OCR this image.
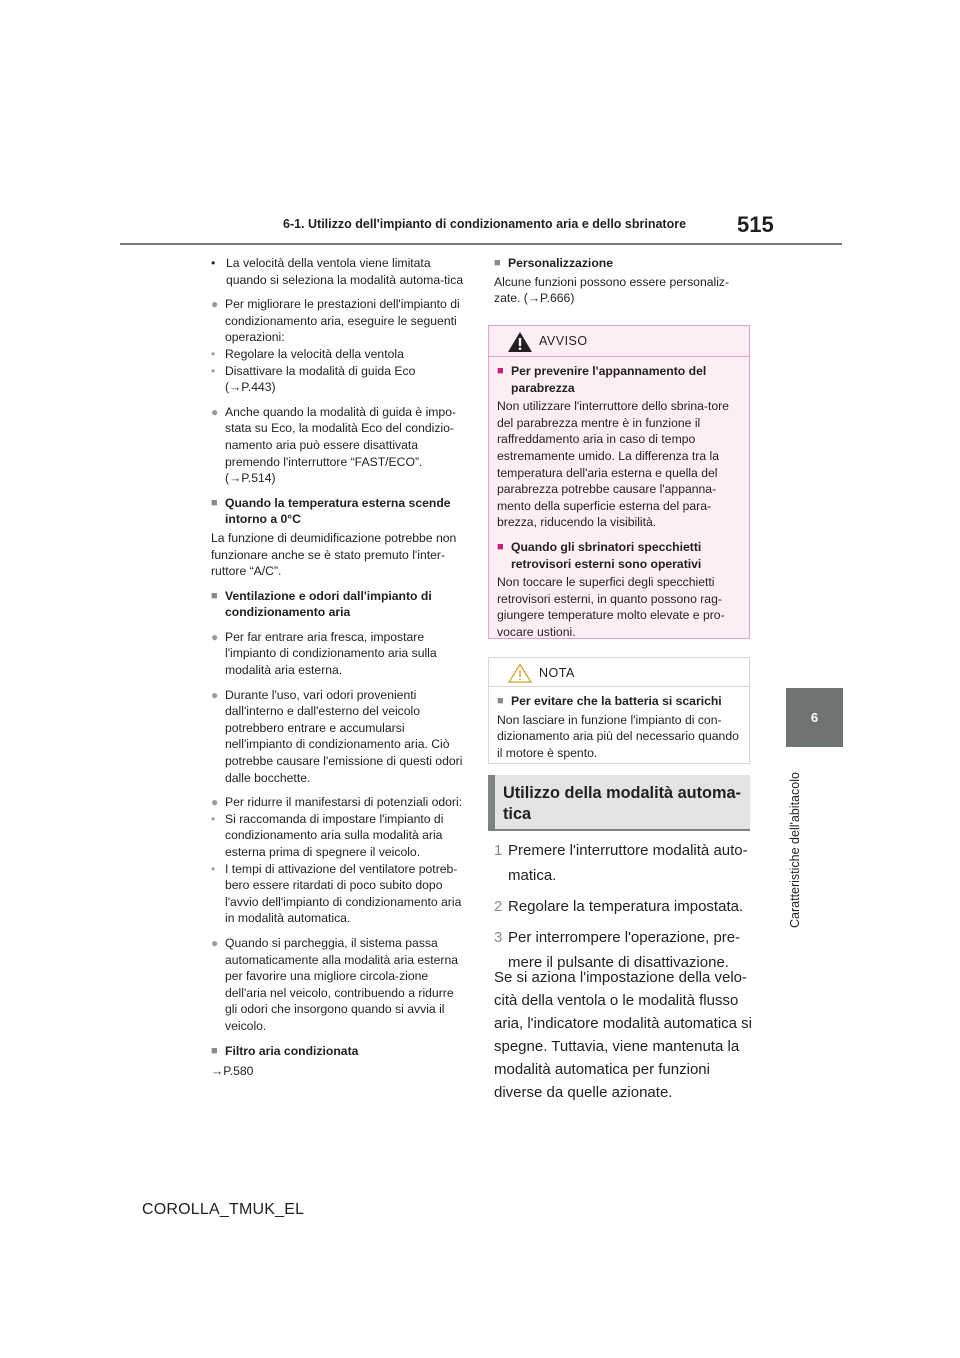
6-1. Utilizzo dell'impianto di condizionamento aria e dello sbrinatore 515
6
Caratteristiche dell'abitacolo
• La velocità della ventola viene limitata quando si seleziona la modalità automa-tica
● Per migliorare le prestazioni dell'impianto di condizionamento aria, eseguire le seguenti operazioni:
• Regolare la velocità della ventola
• Disattivare la modalità di guida Eco (→P.443)
● Anche quando la modalità di guida è impo-stata su Eco, la modalità Eco del condizio-namento aria può essere disattivata premendo l'interruttore “FAST/ECO”. (→P.514)
■ Quando la temperatura esterna scende intorno a 0°C
La funzione di deumidificazione potrebbe non funzionare anche se è stato premuto l'inter-ruttore “A/C”.
■ Ventilazione e odori dall'impianto di condizionamento aria
● Per far entrare aria fresca, impostare l'impianto di condizionamento aria sulla modalità aria esterna.
● Durante l'uso, vari odori provenienti dall'interno e dall'esterno del veicolo potrebbero entrare e accumularsi nell'impianto di condizionamento aria. Ciò potrebbe causare l'emissione di questi odori dalle bocchette.
● Per ridurre il manifestarsi di potenziali odori:
• Si raccomanda di impostare l'impianto di condizionamento aria sulla modalità aria esterna prima di spegnere il veicolo.
• I tempi di attivazione del ventilatore potreb-bero essere ritardati di poco subito dopo l'avvio dell'impianto di condizionamento aria in modalità automatica.
● Quando si parcheggia, il sistema passa automaticamente alla modalità aria esterna per favorire una migliore circola-zione dell'aria nel veicolo, contribuendo a ridurre gli odori che insorgono quando si avvia il veicolo.
■ Filtro aria condizionata
→P.580
■ Personalizzazione
Alcune funzioni possono essere personaliz-zate. (→P.666)
AVVISO
■ Per prevenire l'appannamento del parabrezza
Non utilizzare l'interruttore dello sbrina-tore del parabrezza mentre è in funzione il raffreddamento aria in caso di tempo estremamente umido. La differenza tra la temperatura dell'aria esterna e quella del parabrezza potrebbe causare l'appanna-mento della superficie esterna del para-brezza, riducendo la visibilità.
■ Quando gli sbrinatori specchietti retrovisori esterni sono operativi
Non toccare le superfici degli specchietti retrovisori esterni, in quanto possono rag-giungere temperature molto elevate e pro-vocare ustioni.
NOTA
■ Per evitare che la batteria si scarichi
Non lasciare in funzione l'impianto di con-dizionamento aria più del necessario quando il motore è spento.
Utilizzo della modalità automa-tica
1 Premere l'interruttore modalità auto-matica.
2 Regolare la temperatura impostata.
3 Per interrompere l'operazione, pre-mere il pulsante di disattivazione.
Se si aziona l'impostazione della velo-cità della ventola o le modalità flusso aria, l'indicatore modalità automatica si spegne. Tuttavia, viene mantenuta la modalità automatica per funzioni diverse da quelle azionate.
COROLLA_TMUK_EL
